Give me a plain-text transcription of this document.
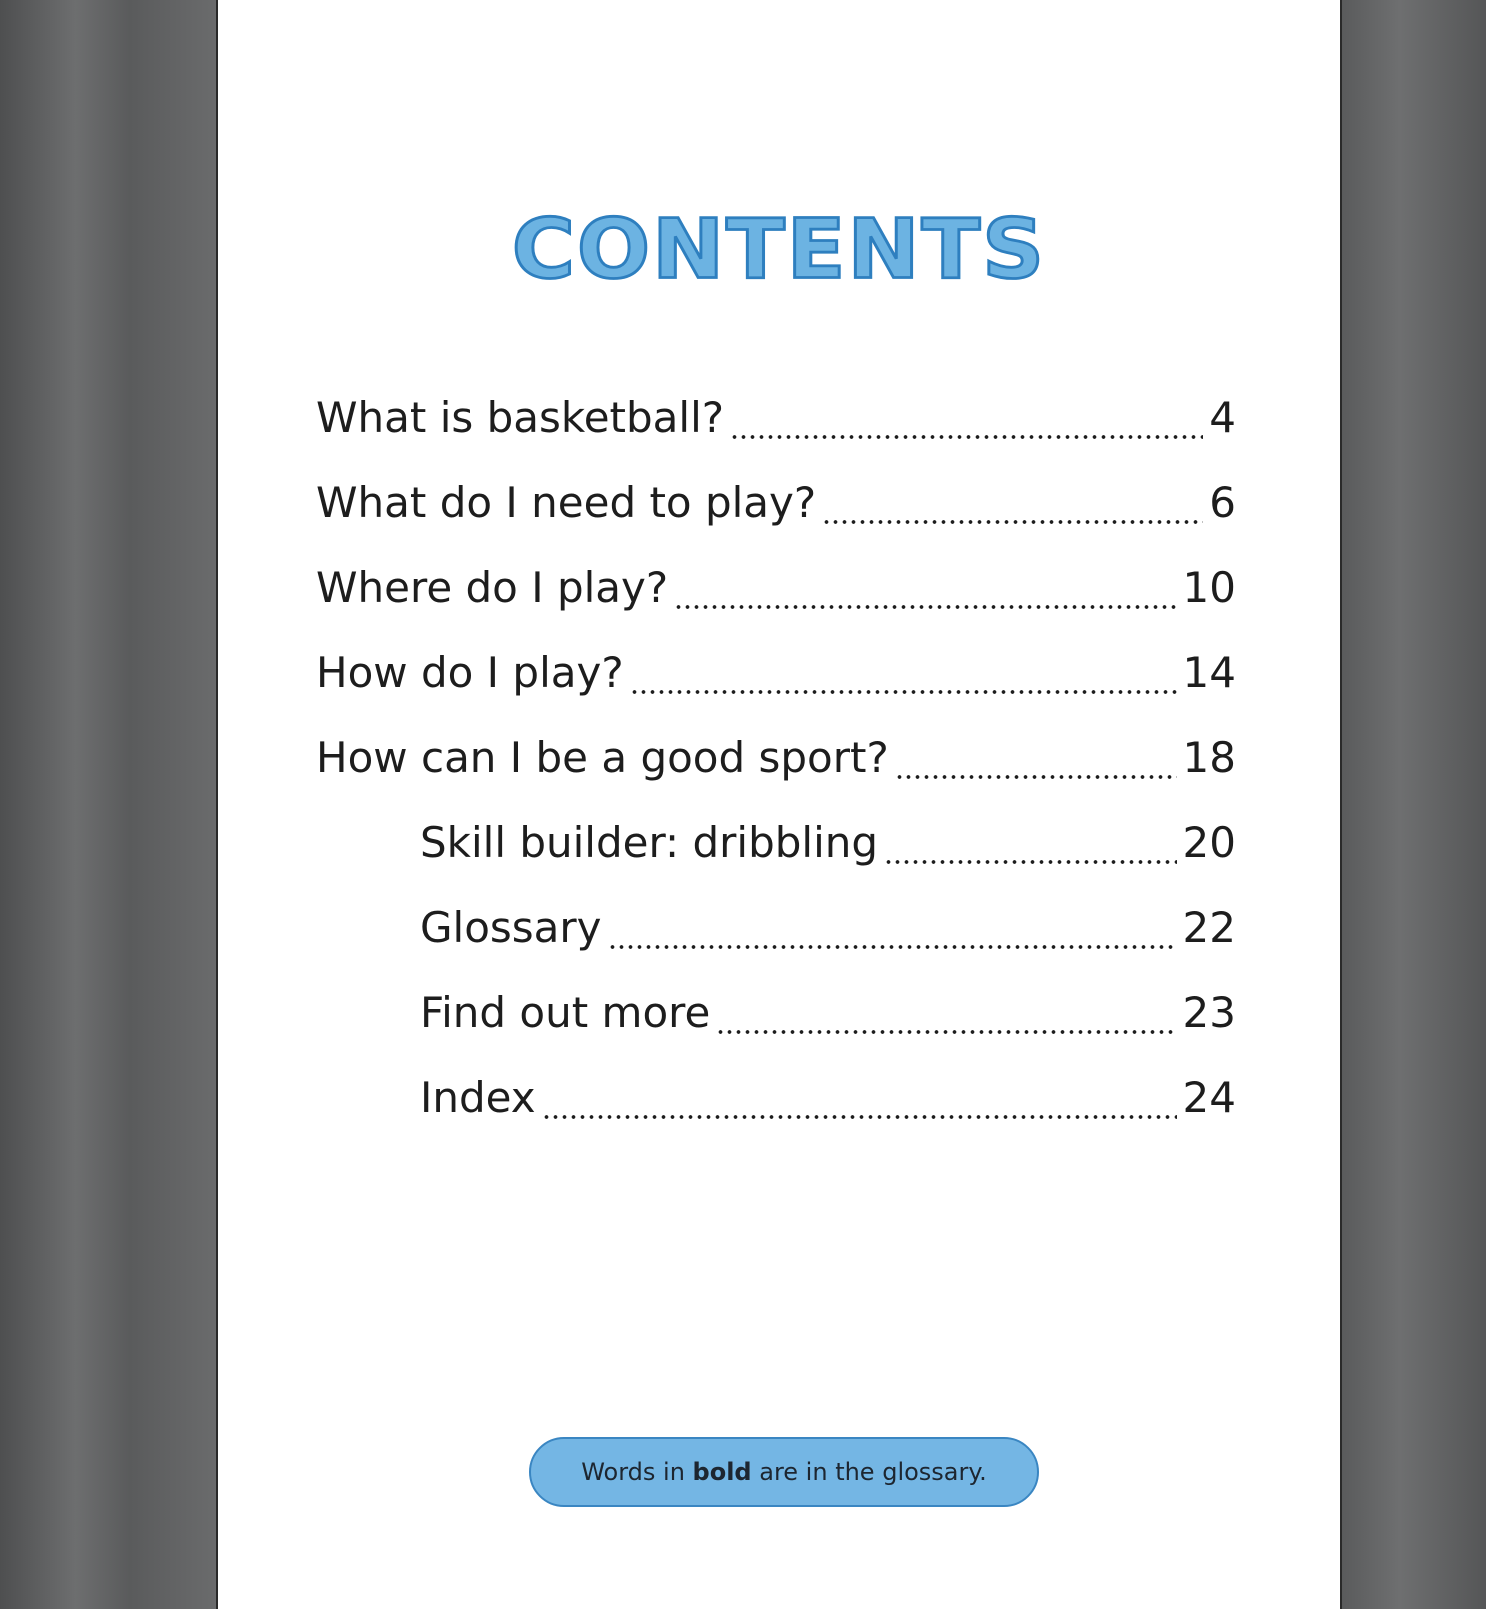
CONTENTS
What is basketball?	4
What do I need to play?	6
Where do I play?	10
How do I play?	14
How can I be a good sport?	18
Skill builder: dribbling	20
Glossary	22
Find out more	23
Index	24
Words in bold are in the glossary.
